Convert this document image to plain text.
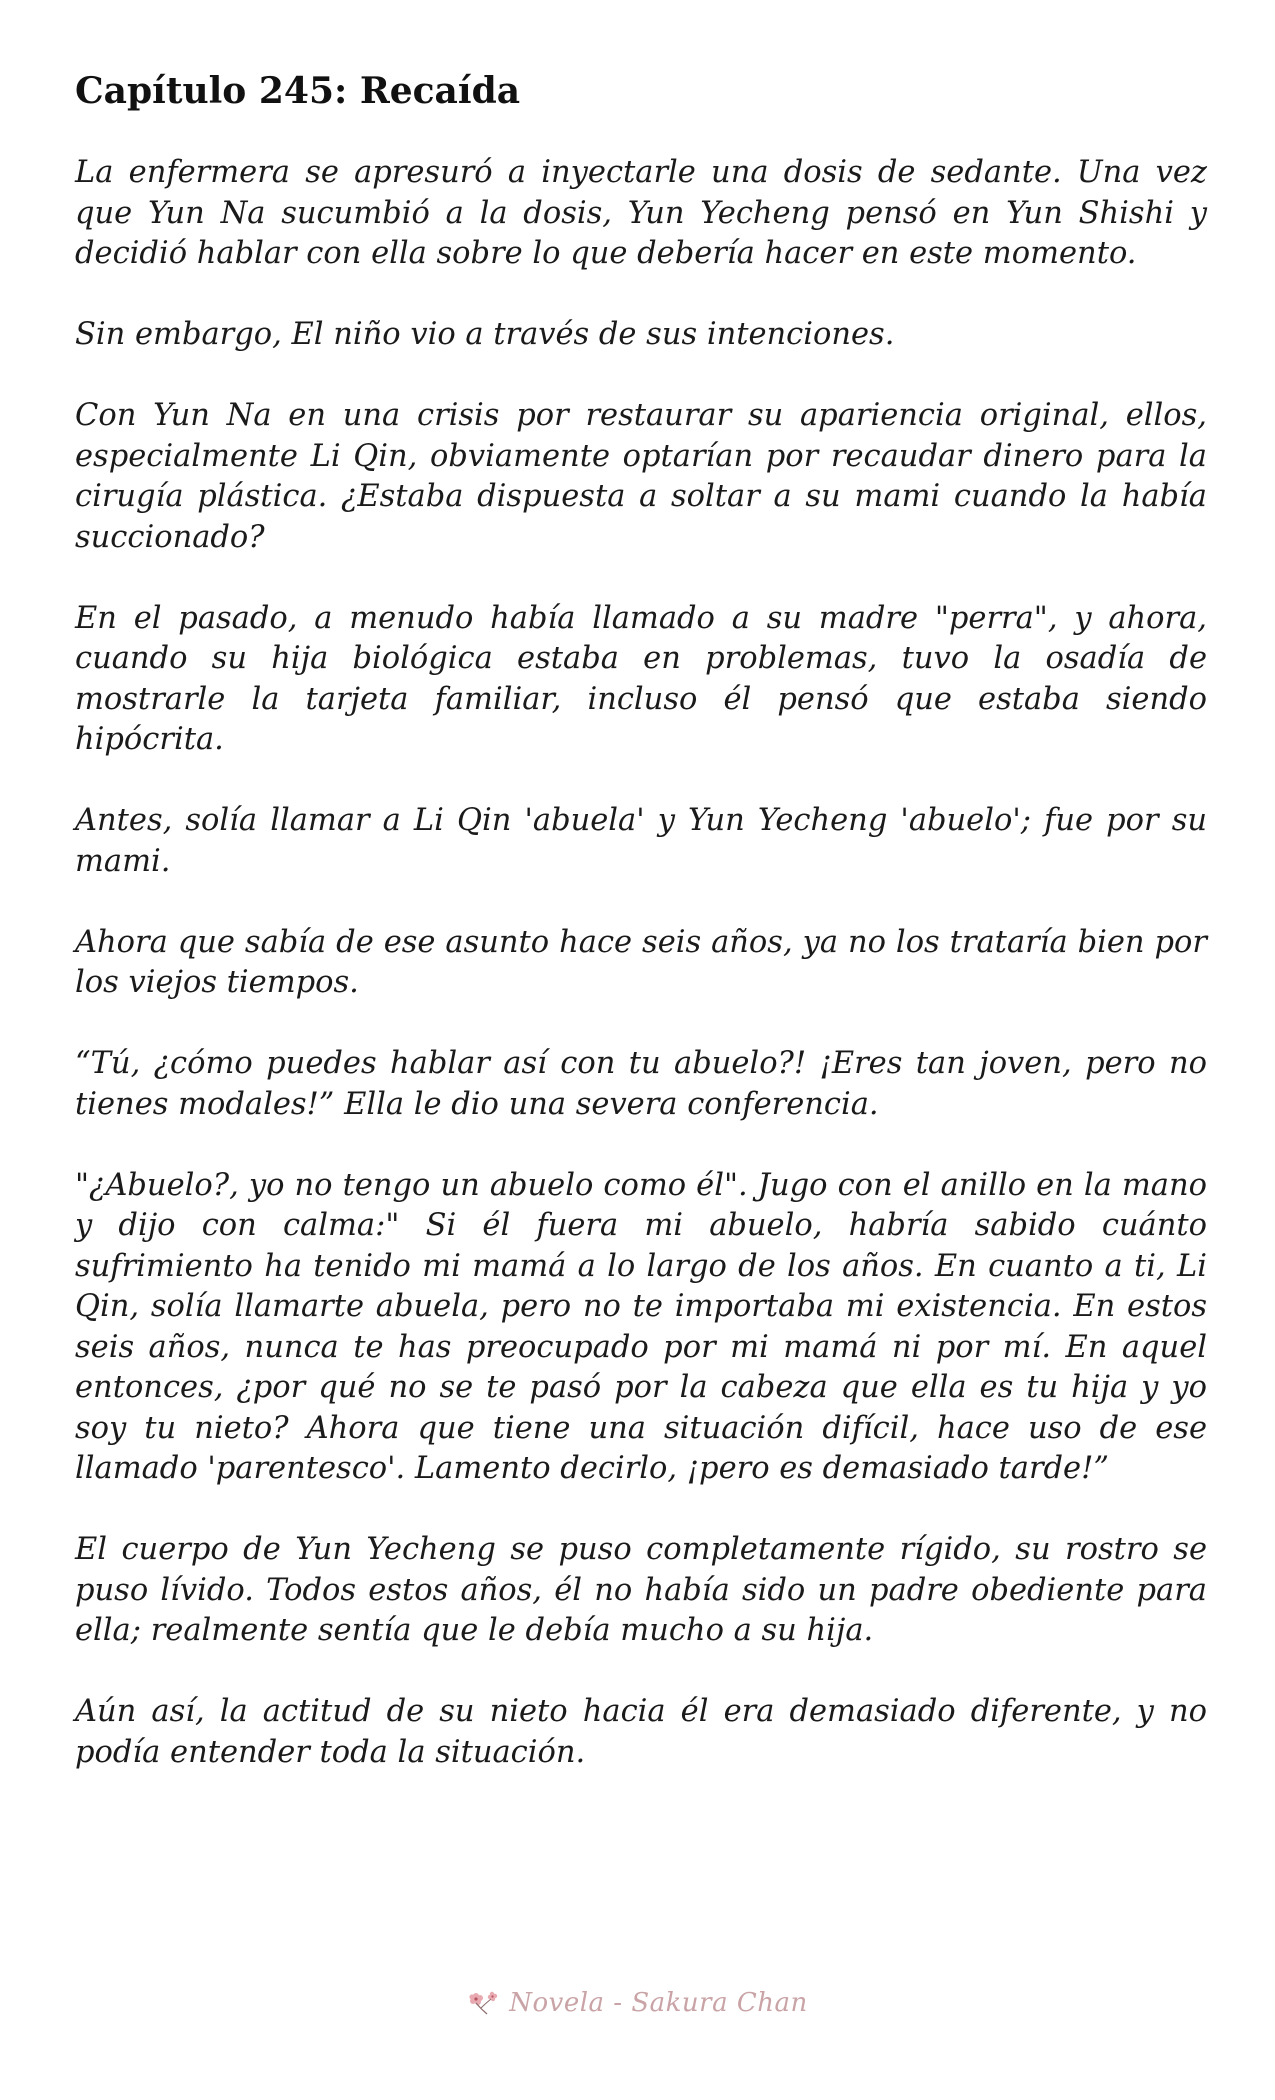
Capítulo 245: Recaída

La enfermera se apresuró a inyectarle una dosis de sedante. Una vez que Yun Na sucumbió a la dosis, Yun Yecheng pensó en Yun Shishi y decidió hablar con ella sobre lo que debería hacer en este momento.

Sin embargo, El niño vio a través de sus intenciones.

Con Yun Na en una crisis por restaurar su apariencia original, ellos, especialmente Li Qin, obviamente optarían por recaudar dinero para la cirugía plástica. ¿Estaba dispuesta a soltar a su mami cuando la había succionado?

En el pasado, a menudo había llamado a su madre "perra", y ahora, cuando su hija biológica estaba en problemas, tuvo la osadía de mostrarle la tarjeta familiar, incluso él pensó que estaba siendo hipócrita.

Antes, solía llamar a Li Qin 'abuela' y Yun Yecheng 'abuelo'; fue por su mami.

Ahora que sabía de ese asunto hace seis años, ya no los trataría bien por los viejos tiempos.

“Tú, ¿cómo puedes hablar así con tu abuelo?! ¡Eres tan joven, pero no tienes modales!” Ella le dio una severa conferencia.

"¿Abuelo?, yo no tengo un abuelo como él". Jugo con el anillo en la mano y dijo con calma:" Si él fuera mi abuelo, habría sabido cuánto sufrimiento ha tenido mi mamá a lo largo de los años. En cuanto a ti, Li Qin, solía llamarte abuela, pero no te importaba mi existencia. En estos seis años, nunca te has preocupado por mi mamá ni por mí. En aquel entonces, ¿por qué no se te pasó por la cabeza que ella es tu hija y yo soy tu nieto? Ahora que tiene una situación difícil, hace uso de ese llamado 'parentesco'. Lamento decirlo, ¡pero es demasiado tarde!”

El cuerpo de Yun Yecheng se puso completamente rígido, su rostro se puso lívido. Todos estos años, él no había sido un padre obediente para ella; realmente sentía que le debía mucho a su hija.

Aún así, la actitud de su nieto hacia él era demasiado diferente, y no podía entender toda la situación.

Novela - Sakura Chan
